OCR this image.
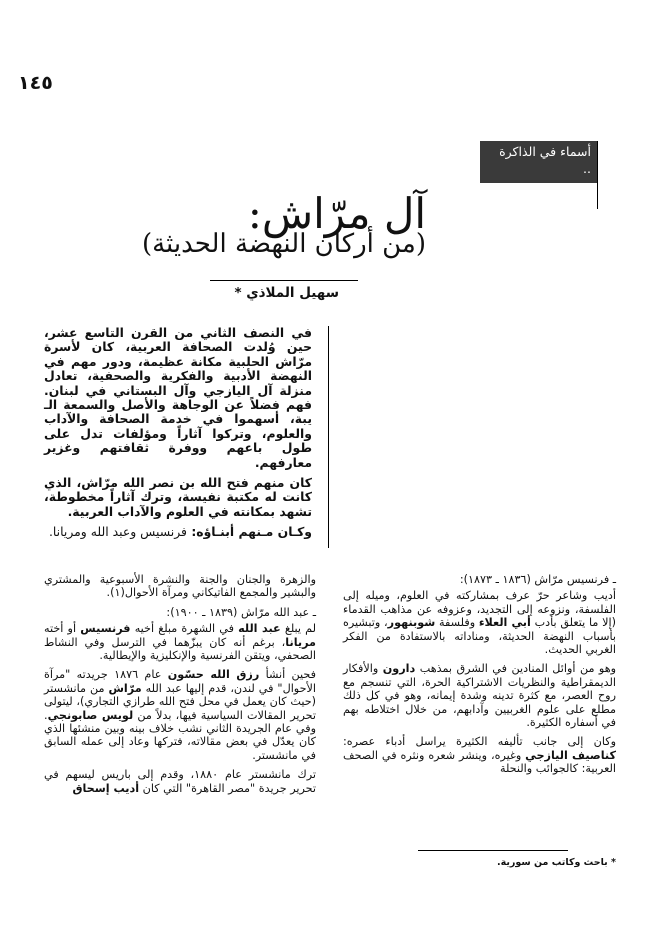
١٤٥
أسماء في الذاكرة
..
آل مرّاش:
(من أركان النهضة الحديثة)
سهيل الملاذي *

في النصف الثاني من القرن التاسع عشر، حين وُلدت الصحافة العربية، كان لأسرة مرّاش الحلبية مكانة عظيمة، ودور مهم في النهضة الأدبية والفكرية والصحفية، تعادل منزلة آل اليازجي وآل البستاني في لبنان. فهم فضلاً عن الوجاهة والأصل والسمعة الـ يبة، أسهموا في خدمة الصحافة والآداب والعلوم، وتركوا آثاراً ومؤلفات تدل على طول باعهم ووفرة ثقافتهم وغزير معارفهم.

كان منهم فتح الله بن نصر الله مرّاش، الذي كانت له مكتبة نفيسة، وترك آثاراً مخطوطة، تشهد بمكانته في العلوم والآداب العربية.

وكـان مـنهم أبنـاؤه: فرنسيس وعبد الله ومريانا.

والزهرة والجنان والجنة والنشرة الأسبوعية والمشتري والبشير والمجمع الفاتيكاني ومرآة الأحوال(١).

ـ عبد الله مرّاش (١٨٣٩ ـ ١٩٠٠):

لم يبلغ عبد الله في الشهرة مبلغ أخيه فرنسيس أو أخته مريانا، برغم أنه كان يبزّهما في الترسل وفي النشاط الصحفي، ويتقن الفرنسية والإنكليزية والإيطالية.

فحين أنشأ رزق الله حسّون عام ١٨٧٦ جريدته "مرآة الأحوال" في لندن، قدم إليها عبد الله مرّاش من مانشستر (حيث كان يعمل في محل فتح الله طرازي التجاري)، ليتولى تحرير المقالات السياسية فيها، بدلاً من لويس صابونجي. وفي عام الجريدة الثاني نشب خلاف بينه وبين منشئها الذي كان يعدّل في بعض مقالاته، فتركها وعاد إلى عمله السابق في مانشستر.

ترك مانشستر عام ١٨٨٠، وقدم إلى باريس ليسهم في تحرير جريدة "مصر القاهرة" التي كان أديب إسحاق

ـ فرنسيس مرّاش (١٨٣٦ ـ ١٨٧٣):

أديب وشاعر حرّ عرف بمشاركته في العلوم، وميله إلى الفلسفة، ونزوعه إلى التجديد، وعزوفه عن مذاهب القدماء (إلا ما يتعلق بأدب أبي العلاء وفلسفة شوبنهور، وتبشيره بأسباب النهضة الحديثة، ومناداته بالاستفادة من الفكر الغربي الحديث.

وهو من أوائل المنادين في الشرق بمذهب دارون والأفكار الديمقراطية والنظريات الاشتراكية الحرة، التي تنسجم مع روح العصر، مع كثرة تدينه وشدة إيمانه، وهو في كل ذلك مطلع على علوم الغربيين وآدابهم، من خلال اختلاطه بهم في أسفاره الكثيرة.

وكان إلى جانب تأليفه الكثيرة يراسل أدباء عصره: كناصيف اليازجي وغيره، وينشر شعره ونثره في الصحف العربية: كالجوائب والنحلة

* باحث وكاتب من سورية.
